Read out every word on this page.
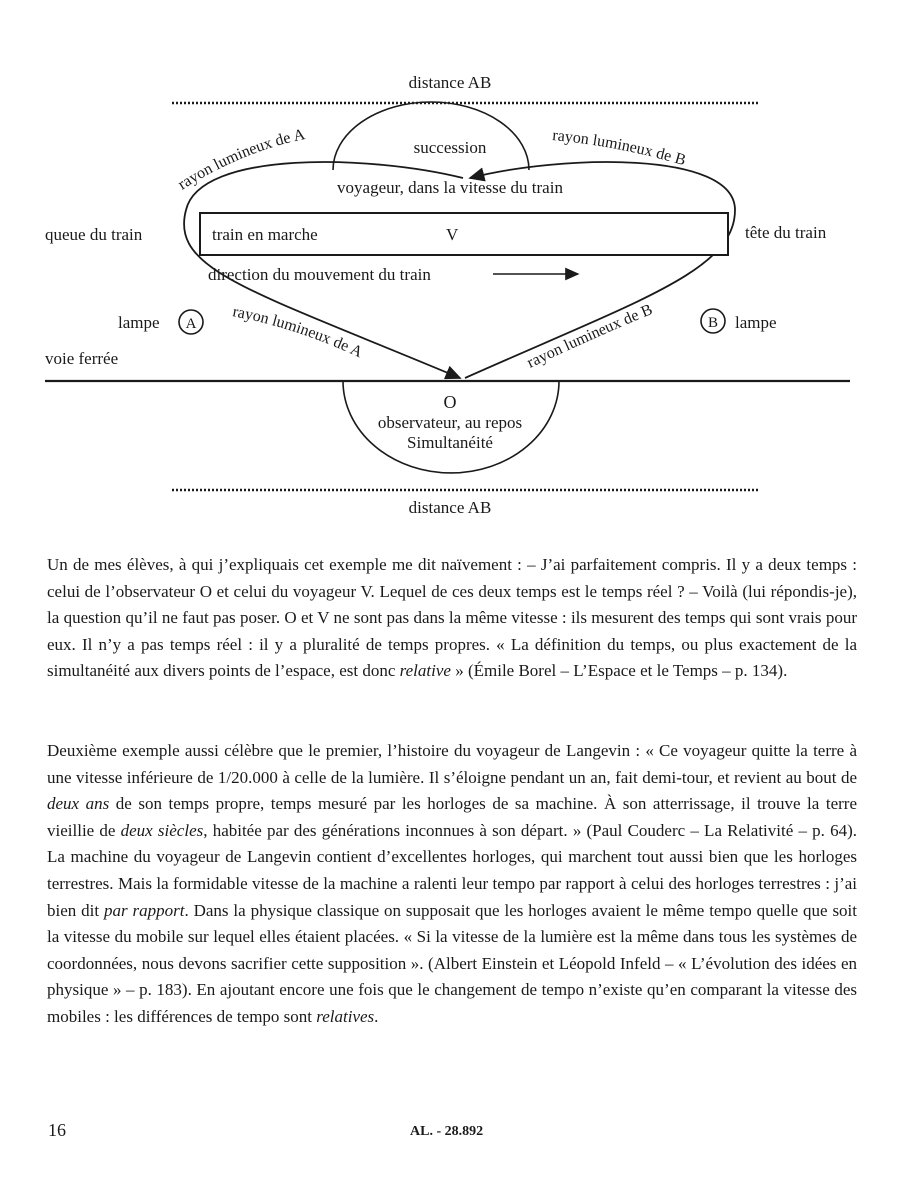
distance AB
succession
rayon lumineux de A	rayon lumineux de B
voyageur, dans la vitesse du train
train en marche	V
queue du train	tête du train
direction du mouvement du train
lampe A	B lampe
rayon lumineux de A
rayon lumineux de B
voie ferrée
O
observateur, au repos
Simultanéité
distance AB

Un de mes élèves, à qui j’expliquais cet exemple me dit naïvement : – J’ai parfaitement compris. Il y a deux temps : celui de l’observateur O et celui du voyageur V. Lequel de ces deux temps est le temps réel ? – Voilà (lui répondis-je), la question qu’il ne faut pas poser. O et V ne sont pas dans la même vitesse : ils mesurent des temps qui sont vrais pour eux. Il n’y a pas temps réel : il y a pluralité de temps propres. « La définition du temps, ou plus exactement de la simultanéité aux divers points de l’espace, est donc relative » (Émile Borel – L’Espace et le Temps – p. 134).

Deuxième exemple aussi célèbre que le premier, l’histoire du voyageur de Langevin : « Ce voyageur quitte la terre à une vitesse inférieure de 1/20.000 à celle de la lumière. Il s’éloigne pendant un an, fait demi-tour, et revient au bout de deux ans de son temps propre, temps mesuré par les horloges de sa machine. À son atterrissage, il trouve la terre vieillie de deux siècles, habitée par des générations inconnues à son départ. » (Paul Couderc – La Relativité – p. 64). La machine du voyageur de Langevin contient d’excellentes horloges, qui marchent tout aussi bien que les horloges terrestres. Mais la formidable vitesse de la machine a ralenti leur tempo par rapport à celui des horloges terrestres : j’ai bien dit par rapport. Dans la physique classique on supposait que les horloges avaient le même tempo quelle que soit la vitesse du mobile sur lequel elles étaient placées. « Si la vitesse de la lumière est la même dans tous les systèmes de coordonnées, nous devons sacrifier cette supposition ». (Albert Einstein et Léopold Infeld – « L’évolution des idées en physique » – p. 183). En ajoutant encore une fois que le changement de tempo n’existe qu’en comparant la vitesse des mobiles : les différences de tempo sont relatives.

16	AL. - 28.892
